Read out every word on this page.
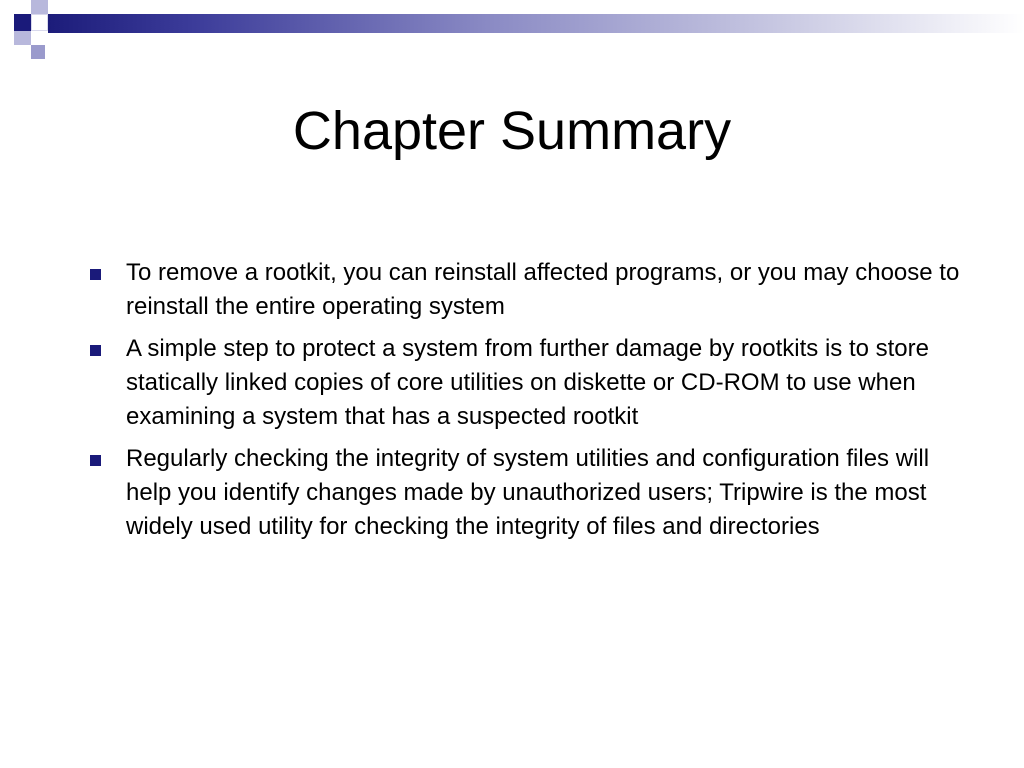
Chapter Summary
To remove a rootkit, you can reinstall affected programs, or you may choose to reinstall the entire operating system
A simple step to protect a system from further damage by rootkits is to store statically linked copies of core utilities on diskette or CD-ROM to use when examining a system that has a suspected rootkit
Regularly checking the integrity of system utilities and configuration files will help you identify changes made by unauthorized users; Tripwire is the most widely used utility for checking the integrity of files and directories
